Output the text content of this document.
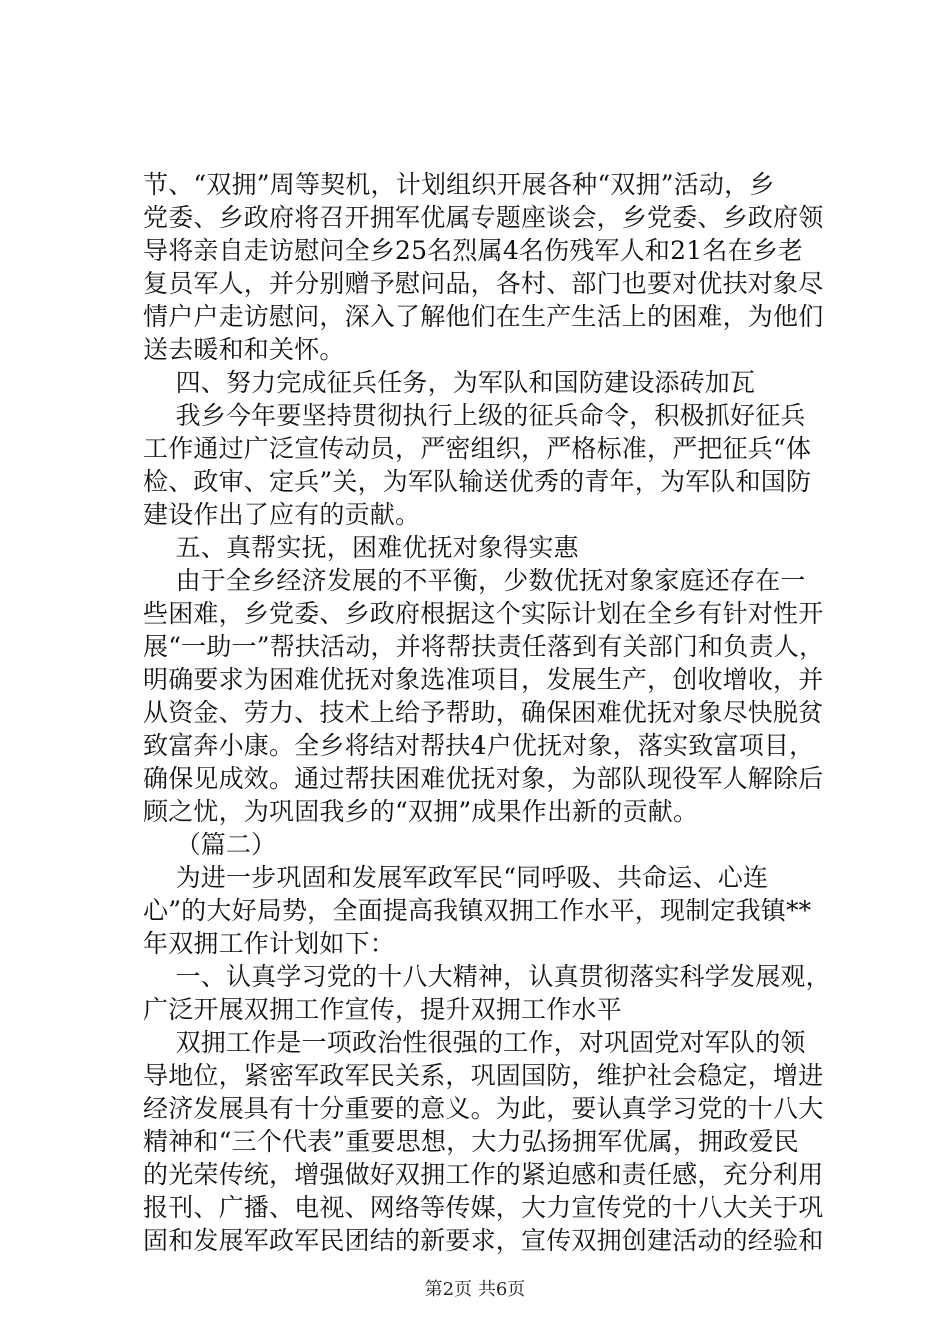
节、“双拥”周等契机，计划组织开展各种“双拥”活动，乡
党委、乡政府将召开拥军优属专题座谈会，乡党委、乡政府领
导将亲自走访慰问全乡25名烈属4名伤残军人和21名在乡老
复员军人，并分别赠予慰问品，各村、部门也要对优扶对象尽
情户户走访慰问，深入了解他们在生产生活上的困难，为他们
送去暖和和关怀。
四、努力完成征兵任务，为军队和国防建设添砖加瓦
我乡今年要坚持贯彻执行上级的征兵命令，积极抓好征兵
工作通过广泛宣传动员，严密组织，严格标准，严把征兵“体
检、政审、定兵”关，为军队输送优秀的青年，为军队和国防
建设作出了应有的贡献。
五、真帮实抚，困难优抚对象得实惠
由于全乡经济发展的不平衡，少数优抚对象家庭还存在一
些困难，乡党委、乡政府根据这个实际计划在全乡有针对性开
展“一助一”帮扶活动，并将帮扶责任落到有关部门和负责人，
明确要求为困难优抚对象选准项目，发展生产，创收增收，并
从资金、劳力、技术上给予帮助，确保困难优抚对象尽快脱贫
致富奔小康。全乡将结对帮扶4户优抚对象，落实致富项目，
确保见成效。通过帮扶困难优抚对象，为部队现役军人解除后
顾之忧，为巩固我乡的“双拥”成果作出新的贡献。
（篇二）
为进一步巩固和发展军政军民“同呼吸、共命运、心连
心”的大好局势，全面提高我镇双拥工作水平，现制定我镇**
年双拥工作计划如下：
一、认真学习党的十八大精神，认真贯彻落实科学发展观，
广泛开展双拥工作宣传，提升双拥工作水平
双拥工作是一项政治性很强的工作，对巩固党对军队的领
导地位，紧密军政军民关系，巩固国防，维护社会稳定，增进
经济发展具有十分重要的意义。为此，要认真学习党的十八大
精神和“三个代表”重要思想，大力弘扬拥军优属，拥政爱民
的光荣传统，增强做好双拥工作的紧迫感和责任感，充分利用
报刊、广播、电视、网络等传媒，大力宣传党的十八大关于巩
固和发展军政军民团结的新要求，宣传双拥创建活动的经验和
第2页 共6页
